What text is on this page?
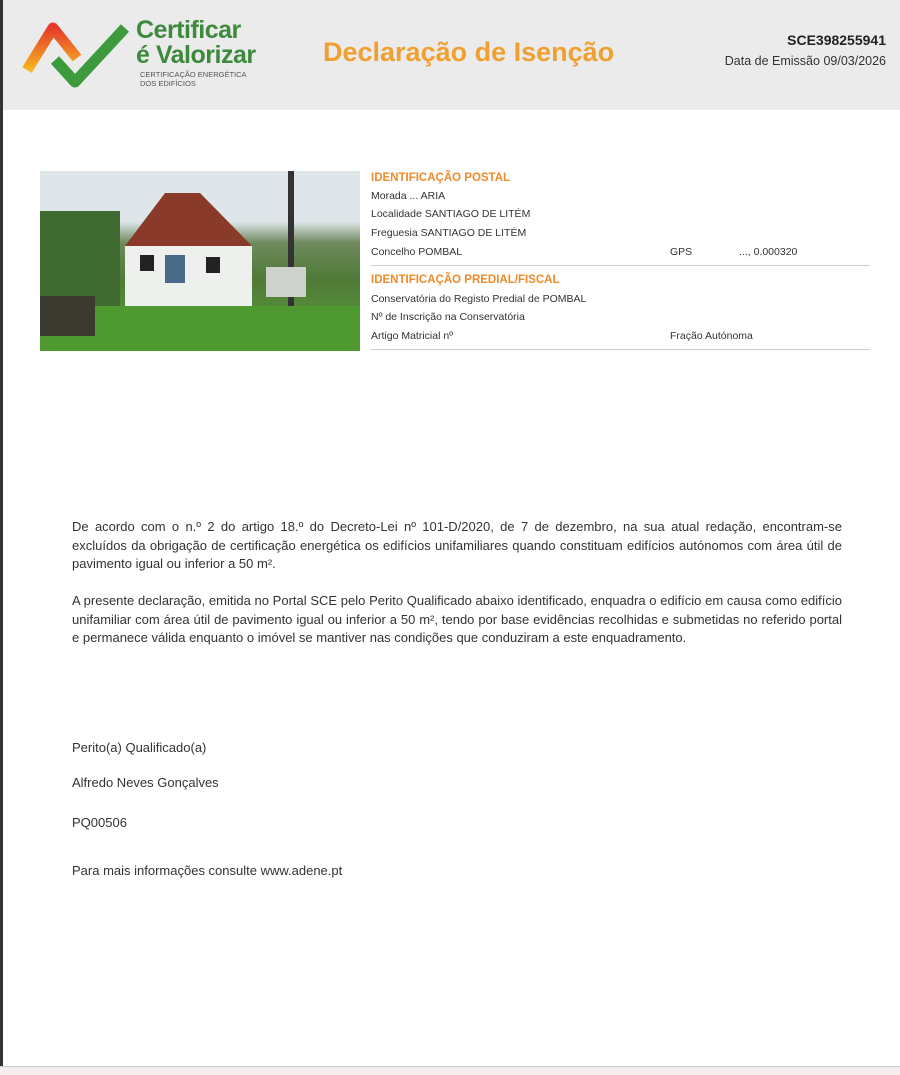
Certificar
é Valorizar
CERTIFICAÇÃO ENERGÉTICA DOS EDIFÍCIOS
Declaração de Isenção	SCE398255941
Data de Emissão 09/03/2026
IDENTIFICAÇÃO POSTAL
Morada ... ARIA
Localidade SANTIAGO DE LITÉM
Freguesia SANTIAGO DE LITÉM
Concelho POMBAL	GPS	..., 0.000320
IDENTIFICAÇÃO PREDIAL/FISCAL
Conservatória do Registo Predial de POMBAL
Nº de Inscrição na Conservatória
Artigo Matricial nº	Fração Autónoma
De acordo com o n.º 2 do artigo 18.º do Decreto-Lei nº 101-D/2020, de 7 de dezembro, na sua atual redação, encontram-se excluídos da obrigação de certificação energética os edifícios unifamiliares quando constituam edifícios autónomos com área útil de pavimento igual ou inferior a 50 m².
A presente declaração, emitida no Portal SCE pelo Perito Qualificado abaixo identificado, enquadra o edifício em causa como edifício unifamiliar com área útil de pavimento igual ou inferior a 50 m², tendo por base evidências recolhidas e submetidas no referido portal e permanece válida enquanto o imóvel se mantiver nas condições que conduziram a este enquadramento.
Perito(a) Qualificado(a)
Alfredo Neves Gonçalves
PQ00506
Para mais informações consulte www.adene.pt
